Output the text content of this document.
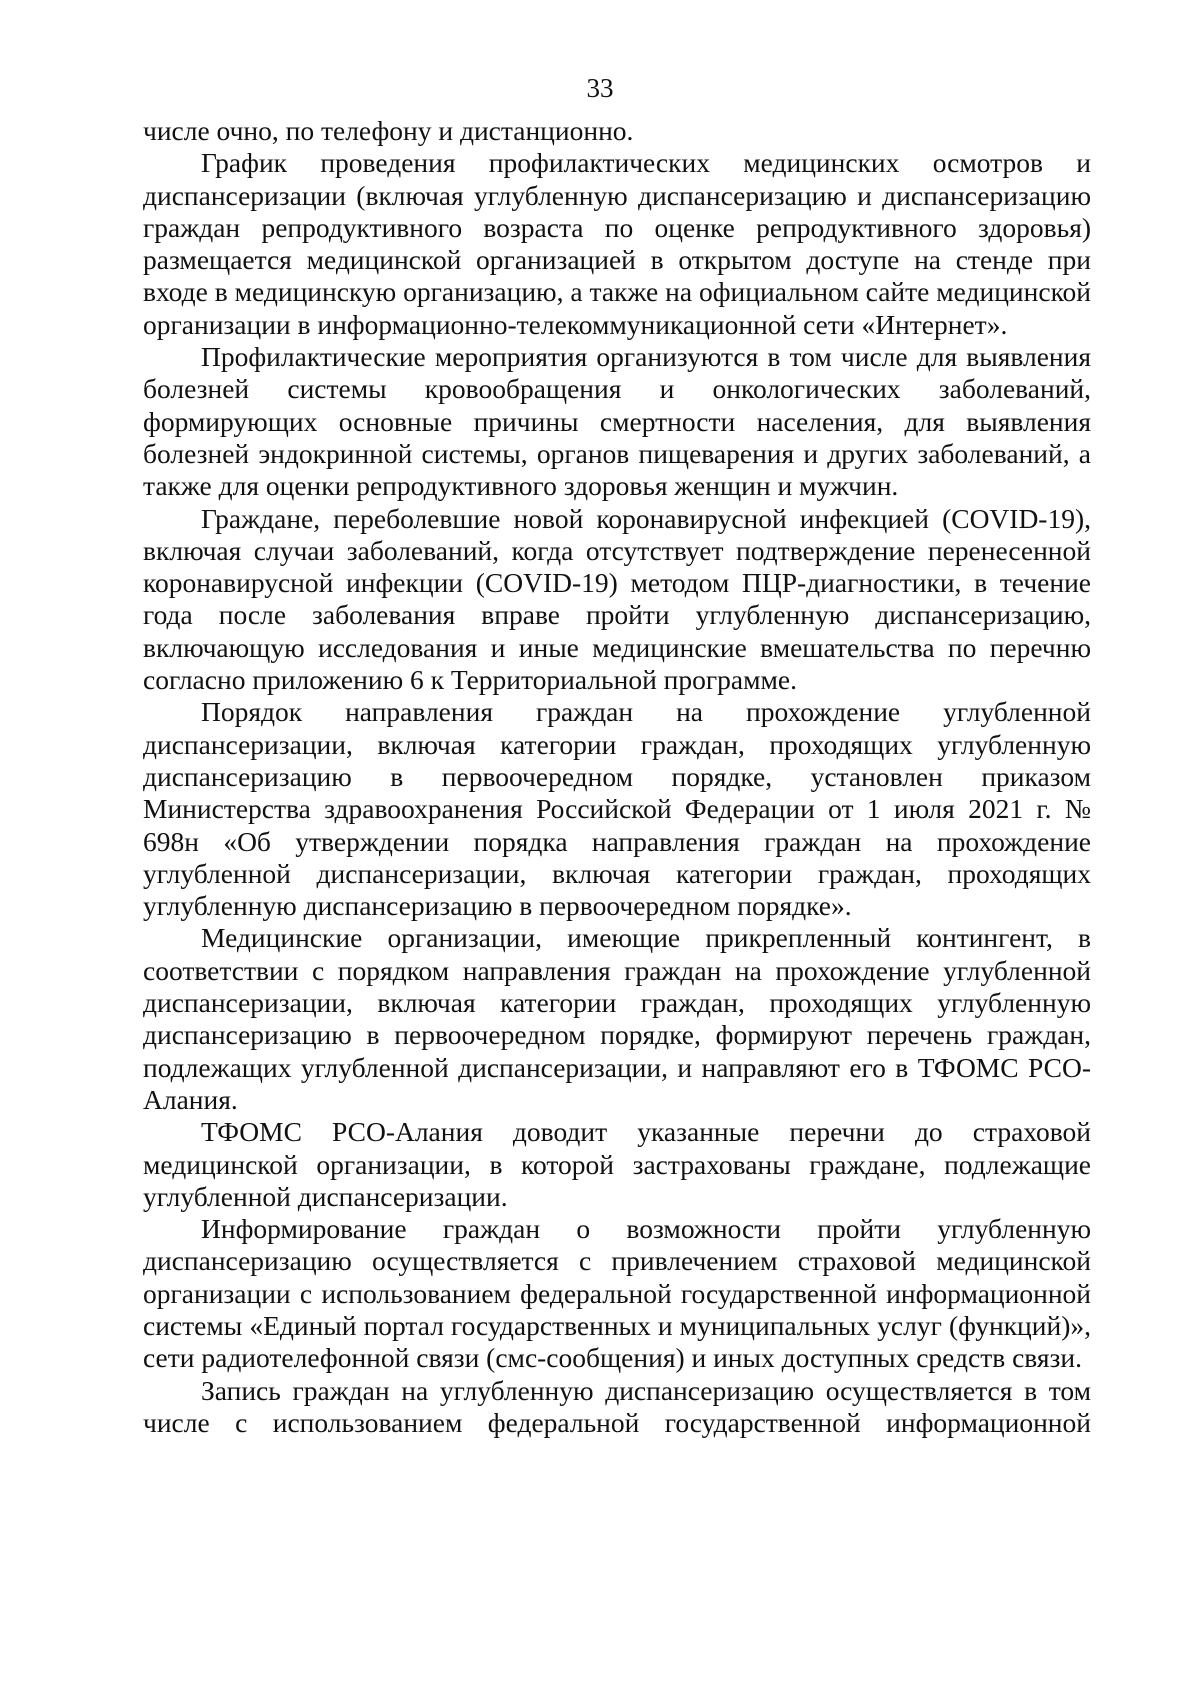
33

числе очно, по телефону и дистанционно.

График проведения профилактических медицинских осмотров и диспансеризации (включая углубленную диспансеризацию и диспансеризацию граждан репродуктивного возраста по оценке репродуктивного здоровья) размещается медицинской организацией в открытом доступе на стенде при входе в медицинскую организацию, а также на официальном сайте медицинской организации в информационно-телекоммуникационной сети «Интернет».

Профилактические мероприятия организуются в том числе для выявления болезней системы кровообращения и онкологических заболеваний, формирующих основные причины смертности населения, для выявления болезней эндокринной системы, органов пищеварения и других заболеваний, а также для оценки репродуктивного здоровья женщин и мужчин.

Граждане, переболевшие новой коронавирусной инфекцией (COVID-19), включая случаи заболеваний, когда отсутствует подтверждение перенесенной коронавирусной инфекции (COVID-19) методом ПЦР-диагностики, в течение года после заболевания вправе пройти углубленную диспансеризацию, включающую исследования и иные медицинские вмешательства по перечню согласно приложению 6 к Территориальной программе.

Порядок направления граждан на прохождение углубленной диспансеризации, включая категории граждан, проходящих углубленную диспансеризацию в первоочередном порядке, установлен приказом Министерства здравоохранения Российской Федерации от 1 июля 2021 г. № 698н «Об утверждении порядка направления граждан на прохождение углубленной диспансеризации, включая категории граждан, проходящих углубленную диспансеризацию в первоочередном порядке».

Медицинские организации, имеющие прикрепленный контингент, в соответствии с порядком направления граждан на прохождение углубленной диспансеризации, включая категории граждан, проходящих углубленную диспансеризацию в первоочередном порядке, формируют перечень граждан, подлежащих углубленной диспансеризации, и направляют его в ТФОМС РСО-Алания.

ТФОМС РСО-Алания доводит указанные перечни до страховой медицинской организации, в которой застрахованы граждане, подлежащие углубленной диспансеризации.

Информирование граждан о возможности пройти углубленную диспансеризацию осуществляется с привлечением страховой медицинской организации с использованием федеральной государственной информационной системы «Единый портал государственных и муниципальных услуг (функций)», сети радиотелефонной связи (смс-сообщения) и иных доступных средств связи.

Запись граждан на углубленную диспансеризацию осуществляется в том числе с использованием федеральной государственной информационной
